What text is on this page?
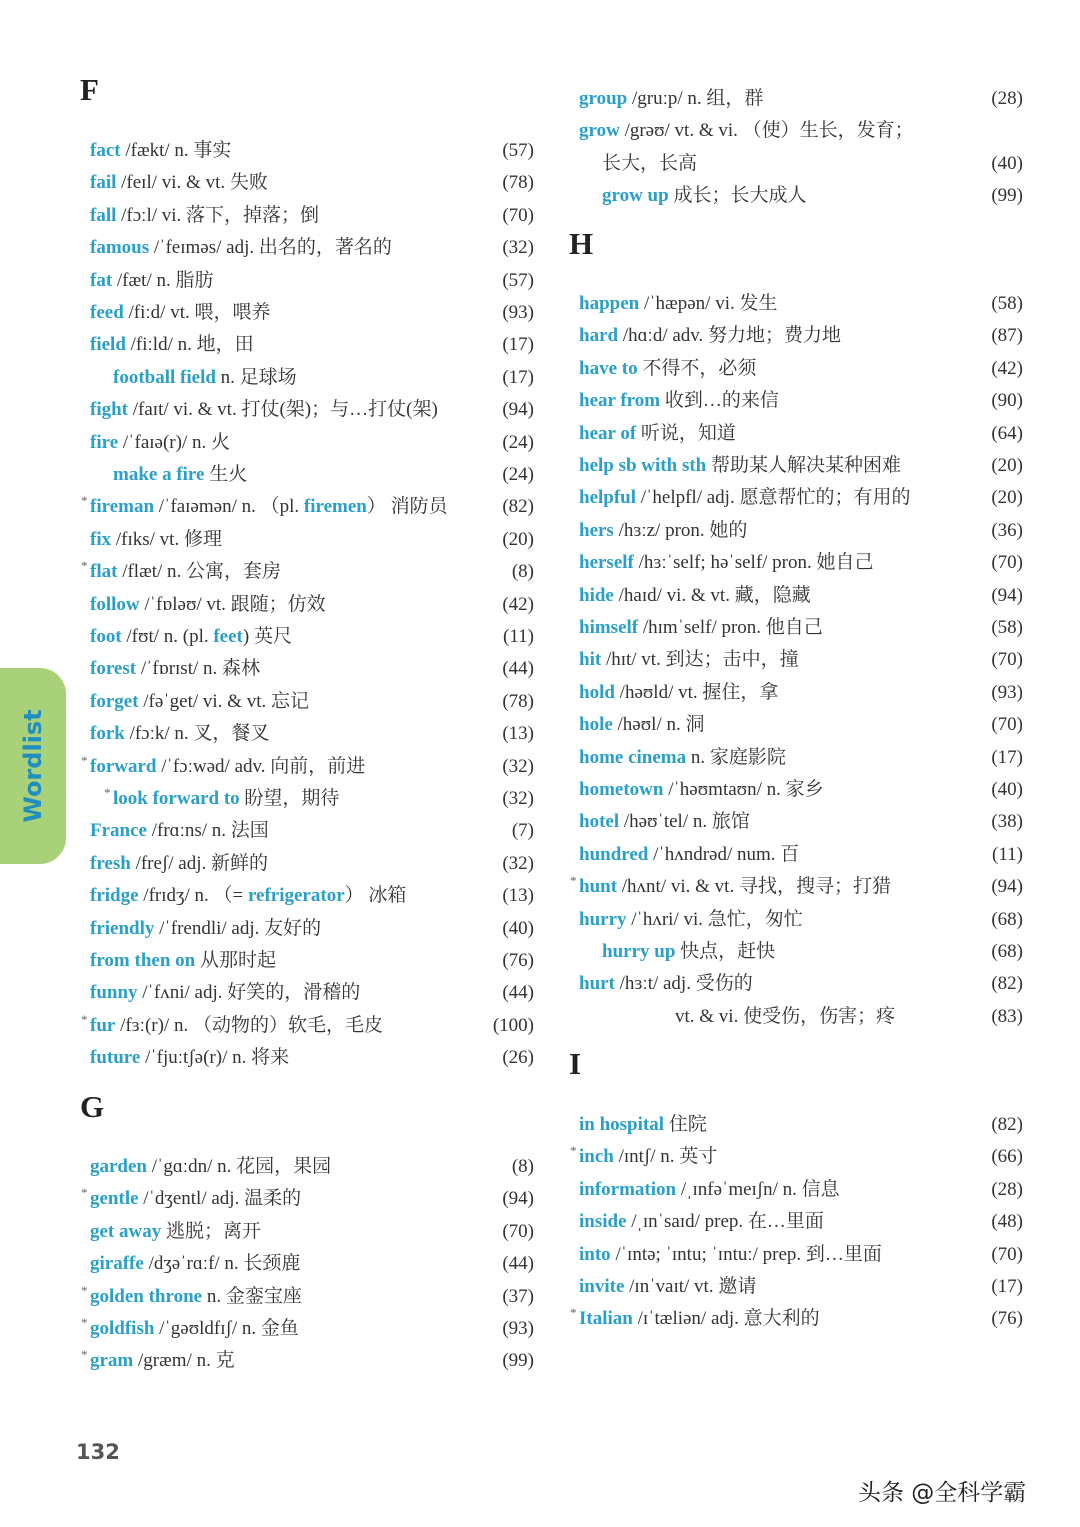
F
fact /fækt/ n. 事实	(57)
fail /feɪl/ vi. & vt. 失败	(78)
fall /fɔːl/ vi. 落下，掉落；倒	(70)
famous /ˈfeɪməs/ adj. 出名的，著名的	(32)
fat /fæt/ n. 脂肪	(57)
feed /fiːd/ vt. 喂，喂养	(93)
field /fiːld/ n. 地，田	(17)
football field n. 足球场	(17)
fight /faɪt/ vi. & vt. 打仗(架)；与…打仗(架)	(94)
fire /ˈfaɪə(r)/ n. 火	(24)
make a fire 生火	(24)
* fireman /ˈfaɪəmən/ n. （pl. firemen） 消防员	(82)
fix /fɪks/ vt. 修理	(20)
* flat /flæt/ n. 公寓，套房	(8)
follow /ˈfɒləʊ/ vt. 跟随；仿效	(42)
foot /fʊt/ n. (pl. feet) 英尺	(11)
forest /ˈfɒrɪst/ n. 森林	(44)
forget /fəˈget/ vi. & vt. 忘记	(78)
fork /fɔːk/ n. 叉，餐叉	(13)
* forward /ˈfɔːwəd/ adv. 向前，前进	(32)
* look forward to 盼望，期待	(32)
France /frɑːns/ n. 法国	(7)
fresh /freʃ/ adj. 新鲜的	(32)
fridge /frɪdʒ/ n. （= refrigerator） 冰箱	(13)
friendly /ˈfrendli/ adj. 友好的	(40)
from then on 从那时起	(76)
funny /ˈfʌni/ adj. 好笑的，滑稽的	(44)
* fur /fɜː(r)/ n. （动物的）软毛，毛皮	(100)
future /ˈfjuːtʃə(r)/ n. 将来	(26)
G
garden /ˈgɑːdn/ n. 花园，果园	(8)
* gentle /ˈdʒentl/ adj. 温柔的	(94)
get away 逃脱；离开	(70)
giraffe /dʒəˈrɑːf/ n. 长颈鹿	(44)
* golden throne n. 金銮宝座	(37)
* goldfish /ˈgəʊldfɪʃ/ n. 金鱼	(93)
* gram /græm/ n. 克	(99)
group /gruːp/ n. 组，群	(28)
grow /grəʊ/ vt. & vi. （使）生长，发育；
长大，长高	(40)
grow up 成长；长大成人	(99)
H
happen /ˈhæpən/ vi. 发生	(58)
hard /hɑːd/ adv. 努力地；费力地	(87)
have to 不得不，必须	(42)
hear from 收到…的来信	(90)
hear of 听说，知道	(64)
help sb with sth 帮助某人解决某种困难	(20)
helpful /ˈhelpfl/ adj. 愿意帮忙的；有用的	(20)
hers /hɜːz/ pron. 她的	(36)
herself /hɜːˈself; həˈself/ pron. 她自己	(70)
hide /haɪd/ vi. & vt. 藏，隐藏	(94)
himself /hɪmˈself/ pron. 他自己	(58)
hit /hɪt/ vt. 到达；击中，撞	(70)
hold /həʊld/ vt. 握住，拿	(93)
hole /həʊl/ n. 洞	(70)
home cinema n. 家庭影院	(17)
hometown /ˈhəʊmtaʊn/ n. 家乡	(40)
hotel /həʊˈtel/ n. 旅馆	(38)
hundred /ˈhʌndrəd/ num. 百	(11)
* hunt /hʌnt/ vi. & vt. 寻找，搜寻；打猎	(94)
hurry /ˈhʌri/ vi. 急忙，匆忙	(68)
hurry up 快点，赶快	(68)
hurt /hɜːt/ adj. 受伤的	(82)
vt. & vi. 使受伤，伤害；疼	(83)
I
in hospital 住院	(82)
* inch /ɪntʃ/ n. 英寸	(66)
information /ˌɪnfəˈmeɪʃn/ n. 信息	(28)
inside /ˌɪnˈsaɪd/ prep. 在…里面	(48)
into /ˈɪntə; ˈɪntu; ˈɪntuː/ prep. 到…里面	(70)
invite /ɪnˈvaɪt/ vt. 邀请	(17)
* Italian /ɪˈtæliən/ adj. 意大利的	(76)
Wordlist
132
头条 @全科学霸
